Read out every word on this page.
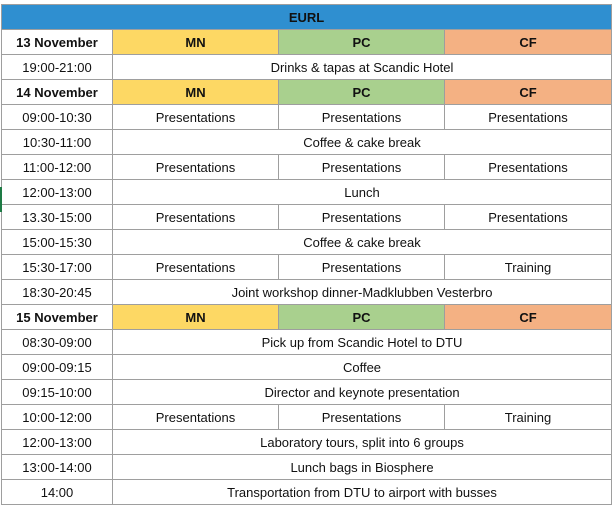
EURL			
13 November	MN	PC	CF
19:00-21:00	Drinks & tapas at Scandic Hotel		
14 November	MN	PC	CF
09:00-10:30	Presentations	Presentations	Presentations
10:30-11:00	Coffee & cake break		
11:00-12:00	Presentations	Presentations	Presentations
12:00-13:00	Lunch		
13.30-15:00	Presentations	Presentations	Presentations
15:00-15:30	Coffee & cake break		
15:30-17:00	Presentations	Presentations	Training
18:30-20:45	Joint workshop dinner-Madklubben Vesterbro		
15 November	MN	PC	CF
08:30-09:00	Pick up from Scandic Hotel to DTU		
09:00-09:15	Coffee		
09:15-10:00	Director and keynote presentation		
10:00-12:00	Presentations	Presentations	Training
12:00-13:00	Laboratory tours, split into 6 groups		
13:00-14:00	Lunch bags in Biosphere		
14:00	Transportation from DTU to airport with busses		
